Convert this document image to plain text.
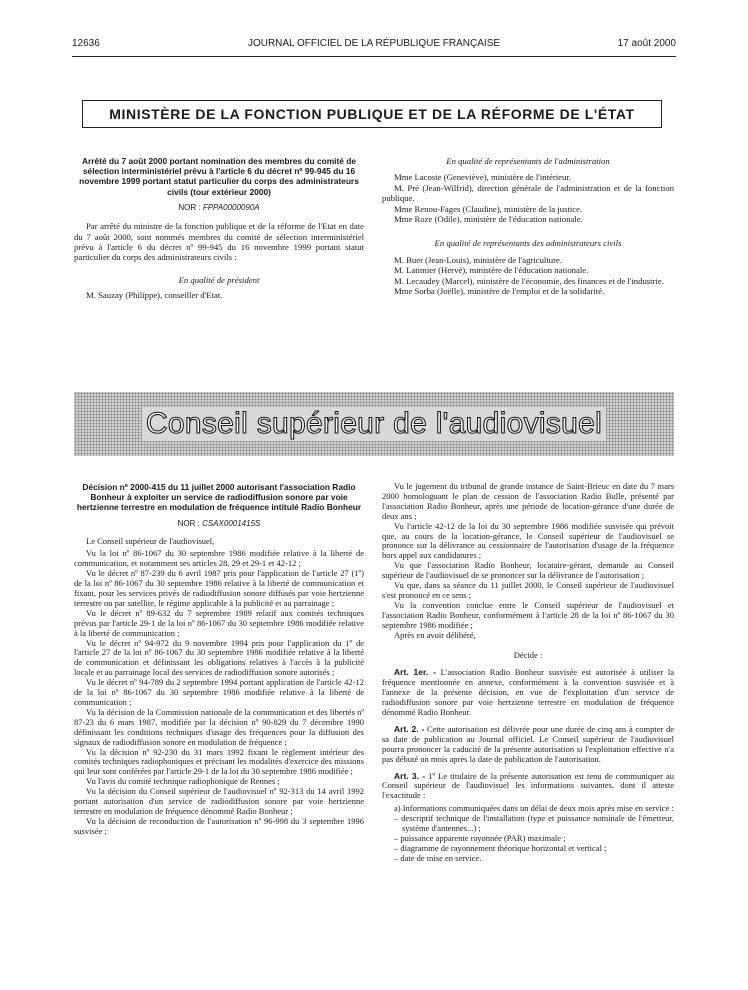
12636	JOURNAL OFFICIEL DE LA RÉPUBLIQUE FRANÇAISE	17 août 2000
MINISTÈRE DE LA FONCTION PUBLIQUE ET DE LA RÉFORME DE L'ÉTAT
Arrêté du 7 août 2000 portant nomination des membres du comité de sélection interministériel prévu à l'article 6 du décret nº 99-945 du 16 novembre 1999 portant statut particulier du corps des administrateurs civils (tour extérieur 2000)
NOR : FPPA0000090A

Par arrêté du ministre de la fonction publique et de la réforme de l'Etat en date du 7 août 2000, sont nommés membres du comité de sélection interministériel prévu à l'article 6 du décret nº 99-945 du 16 novembre 1999 portant statut particulier du corps des administrateurs civils :

En qualité de président

M. Sauzay (Philippe), conseiller d'Etat.

En qualité de représentants de l'administration

Mme Lacoste (Geneviève), ministère de l'intérieur.

M. Pré (Jean-Wilfrid), direction générale de l'administration et de la fonction publique.

Mme Renou-Fages (Claudine), ministère de la justice.

Mme Roze (Odile), ministère de l'éducation nationale.

En qualité de représentants des administrateurs civils

M. Buer (Jean-Louis), ministère de l'agriculture.

M. Latimier (Hervé), ministère de l'éducation nationale.

M. Lecaudey (Marcel), ministère de l'économie, des finances et de l'industrie.

Mme Sorba (Joëlle), ministère de l'emploi et de la solidarité.

Conseil supérieur de l'audiovisuel
Décision nº 2000-415 du 11 juillet 2000 autorisant l'association Radio Bonheur à exploiter un service de radiodiffusion sonore par voie hertzienne terrestre en modulation de fréquence intitulé Radio Bonheur
NOR : CSAX0001415S

Le Conseil supérieur de l'audiovisuel,

Vu la loi nº 86-1067 du 30 septembre 1986 modifiée relative à la liberté de communication, et notamment ses articles 28, 29 et 29-1 et 42-12 ;

Vu le décret nº 87-239 du 6 avril 1987 pris pour l'application de l'article 27 (1º) de la loi nº 86-1067 du 30 septembre 1986 relative à la liberté de communication et fixant, pour les services privés de radiodiffusion sonore diffusés par voie hertzienne terrestre ou par satellite, le régime applicable à la publicité et au parrainage ;

Vu le décret nº 89-632 du 7 septembre 1989 relatif aux comités techniques prévus par l'article 29-1 de la loi nº 86-1067 du 30 septembre 1986 modifiée relative à la liberté de communication ;

Vu le décret nº 94-972 du 9 novembre 1994 pris pour l'application du 1º de l'article 27 de la loi nº 86-1067 du 30 septembre 1986 modifiée relative à la liberté de communication et définissant les obligations relatives à l'accès à la publicité locale et au parrainage local des services de radiodiffusion sonore autorisés ;

Vu le décret nº 94-789 du 2 septembre 1994 portant application de l'article 42-12 de la loi nº 86-1067 du 30 septembre 1986 modifiée relative à la liberté de communication ;

Vu la décision de la Commission nationale de la communication et des libertés nº 87-23 du 6 mars 1987, modifiée par la décision nº 90-829 du 7 décembre 1990 définissant les conditions techniques d'usage des fréquences pour la diffusion des signaux de radiodiffusion sonore en modulation de fréquence ;

Vu la décision nº 92-230 du 31 mars 1992 fixant le règlement intérieur des comités techniques radiophoniques et précisant les modalités d'exercice des missions qui leur sont conférées par l'article 29-1 de la loi du 30 septembre 1986 modifiée ;

Vu l'avis du comité technique radiophonique de Rennes ;

Vu la décision du Conseil supérieur de l'audiovisuel nº 92-313 du 14 avril 1992 portant autorisation d'un service de radiodiffusion sonore par voie hertzienne terrestre en modulation de fréquence dénommé Radio Bonheur ;

Vu la décision de reconduction de l'autorisation nº 96-998 du 3 septembre 1996 susvisée ;

Vu le jugement du tribunal de grande instance de Saint-Brieuc en date du 7 mars 2000 homologuant le plan de cession de l'association Radio Bulle, présenté par l'association Radio Bonheur, après une période de location-gérance d'une durée de deux ans ;

Vu l'article 42-12 de la loi du 30 septembre 1986 modifiée susvisée qui prévoit que, au cours de la location-gérance, le Conseil supérieur de l'audiovisuel se prononce sur la délivrance au cessionnaire de l'autorisation d'usage de la fréquence hors appel aux candidatures ;

Vu que l'association Radio Bonheur, locataire-gérant, demande au Conseil supérieur de l'audiovisuel de se prononcer sur la délivrance de l'autorisation ;

Vu que, dans sa séance du 11 juillet 2000, le Conseil supérieur de l'audiovisuel s'est prononcé en ce sens ;

Vu la convention conclue entre le Conseil supérieur de l'audiovisuel et l'association Radio Bonheur, conformément à l'article 28 de la loi nº 86-1067 du 30 septembre 1986 modifiée ;

Après en avoir délibéré,

Décide :

Art. 1er. - L'association Radio Bonheur susvisée est autorisée à utiliser la fréquence mentionnée en annexe, conformément à la convention susvisée et à l'annexe de la présente décision, en vue de l'exploitation d'un service de radiodiffusion sonore par voie hertzienne terrestre en modulation de fréquence dénommé Radio Bonheur.

Art. 2. - Cette autorisation est délivrée pour une durée de cinq ans à compter de sa date de publication au Journal officiel. Le Conseil supérieur de l'audiovisuel pourra prononcer la caducité de la présente autorisation si l'exploitation effective n'a pas débuté un mois après la date de publication de l'autorisation.

Art. 3. - 1º Le titulaire de la présente autorisation est tenu de communiquer au Conseil supérieur de l'audiovisuel les informations suivantes, dont il atteste l'exactitude :

a) Informations communiquées dans un délai de deux mois après mise en service :

– descriptif technique de l'installation (type et puissance nominale de l'émetteur, système d'antennes...) ;
– puissance apparente rayonnée (PAR) maximale ;
– diagramme de rayonnement théorique horizontal et vertical ;
– date de mise en service.
